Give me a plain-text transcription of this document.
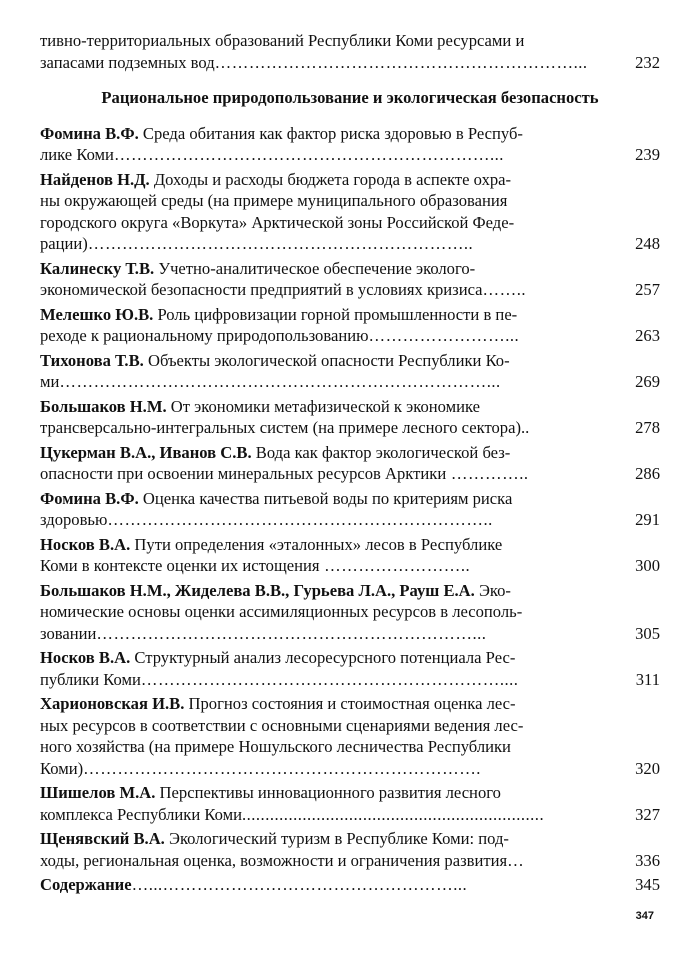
тивно-территориальных образований Республики Коми ресурсами и
запасами подземных вод………………………………………………………...	232
Рациональное природопользование и экологическая безопасность
Фомина В.Ф. Среда обитания как фактор риска здоровью в Респуб-
лике Коми…………………………………………………………...	239
Найденов Н.Д. Доходы и расходы бюджета города в аспекте охра-
ны окружающей среды (на примере муниципального образования
городского округа «Воркута» Арктической зоны Российской Феде-
рации)…………………………………………………………..	248
Калинеску Т.В. Учетно-аналитическое обеспечение эколого-
экономической безопасности предприятий в условиях кризиса……..	257
Мелешко Ю.В. Роль цифровизации горной промышленности в пе-
реходе к рациональному природопользованию……………………...	263
Тихонова Т.В. Объекты экологической опасности Республики Ко-
ми…………………………………………………………………...	269
Большаков Н.М. От экономики метафизической к экономике
трансверсально-интегральных систем (на примере лесного сектора)..	278
Цукерман В.А., Иванов С.В. Вода как фактор экологической без-
опасности при освоении минеральных ресурсов Арктики …………..	286
Фомина В.Ф. Оценка качества питьевой воды по критериям риска
здоровью…………………………………………………………..	291
Носков В.А. Пути определения «эталонных» лесов в Республике
Коми в контексте оценки их истощения ……………………..	300
Большаков Н.М., Жиделева В.В., Гурьева Л.А., Рауш Е.А. Эко-
номические основы оценки ассимиляционных ресурсов в лесополь-
зовании…………………………………………………………...	305
Носков В.А. Структурный анализ лесоресурсного потенциала Рес-
публики Коми………………………………………………………....	311
Харионовская И.В. Прогноз состояния и стоимостная оценка лес-
ных ресурсов в соответствии с основными сценариями ведения лес-
ного хозяйства (на примере Ношульского лесничества Республики
Коми)…………………………………………………………….	320
Шишелов М.А. Перспективы инновационного развития лесного
комплекса Республики Коми.................................................................	327
Щенявский В.А. Экологический туризм в Республике Коми: под-
ходы, региональная оценка, возможности и ограничения развития…	336
Содержание…...……………………………………………...	345
347
